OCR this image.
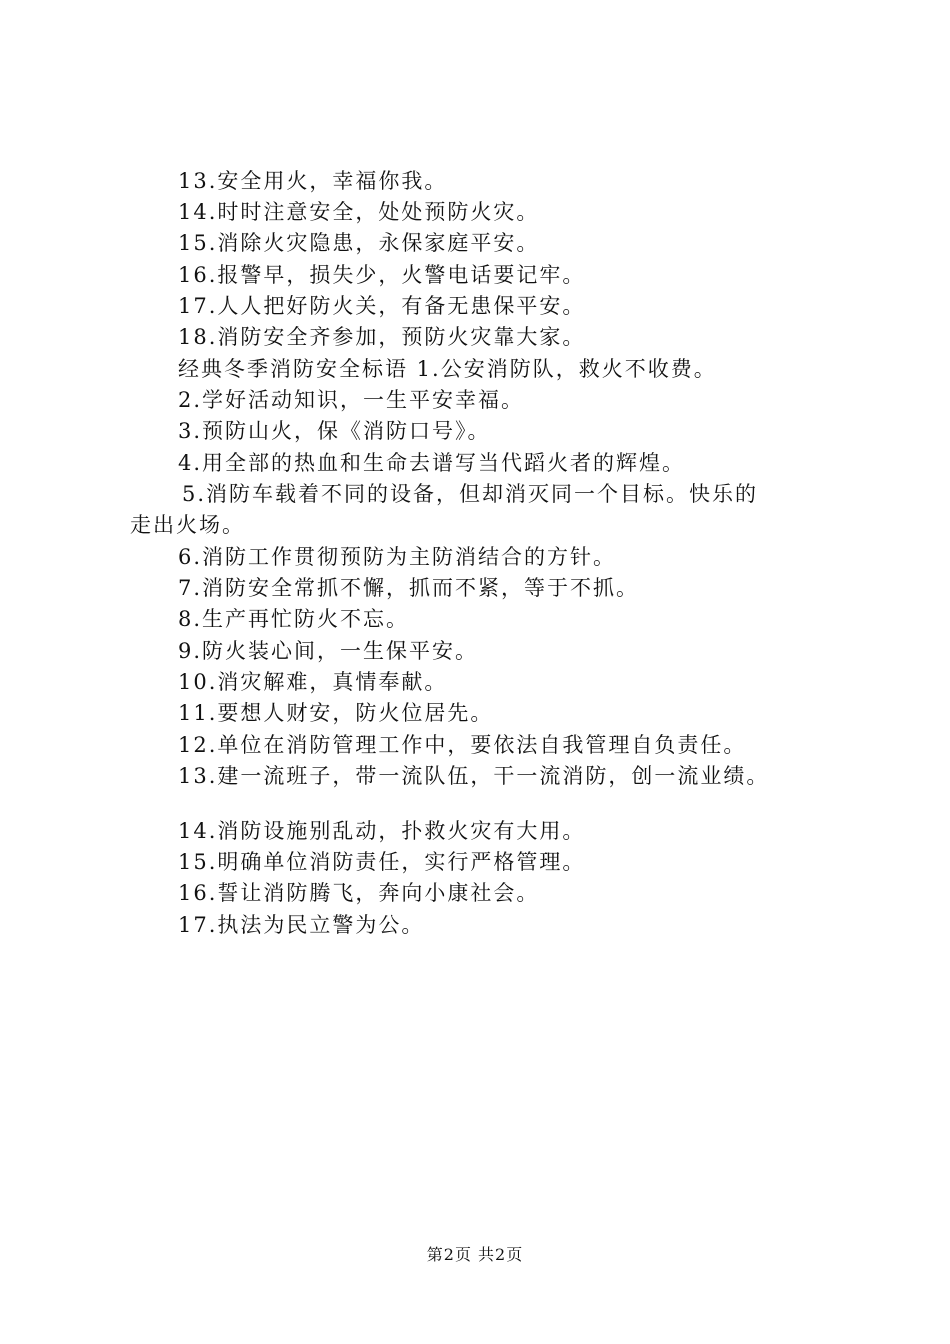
13.安全用火，幸福你我。
14.时时注意安全，处处预防火灾。
15.消除火灾隐患，永保家庭平安。
16.报警早，损失少，火警电话要记牢。
17.人人把好防火关，有备无患保平安。
18.消防安全齐参加，预防火灾靠大家。
经典冬季消防安全标语 1.公安消防队，救火不收费。
2.学好活动知识，一生平安幸福。
3.预防山火，保《消防口号》。
4.用全部的热血和生命去谱写当代蹈火者的辉煌。
5.消防车载着不同的设备，但却消灭同一个目标。快乐的
走出火场。
6.消防工作贯彻预防为主防消结合的方针。
7.消防安全常抓不懈，抓而不紧，等于不抓。
8.生产再忙防火不忘。
9.防火装心间，一生保平安。
10.消灾解难，真情奉献。
11.要想人财安，防火位居先。
12.单位在消防管理工作中，要依法自我管理自负责任。
13.建一流班子，带一流队伍，干一流消防，创一流业绩。
14.消防设施别乱动，扑救火灾有大用。
15.明确单位消防责任，实行严格管理。
16.誓让消防腾飞，奔向小康社会。
17.执法为民立警为公。
第2页 共2页
